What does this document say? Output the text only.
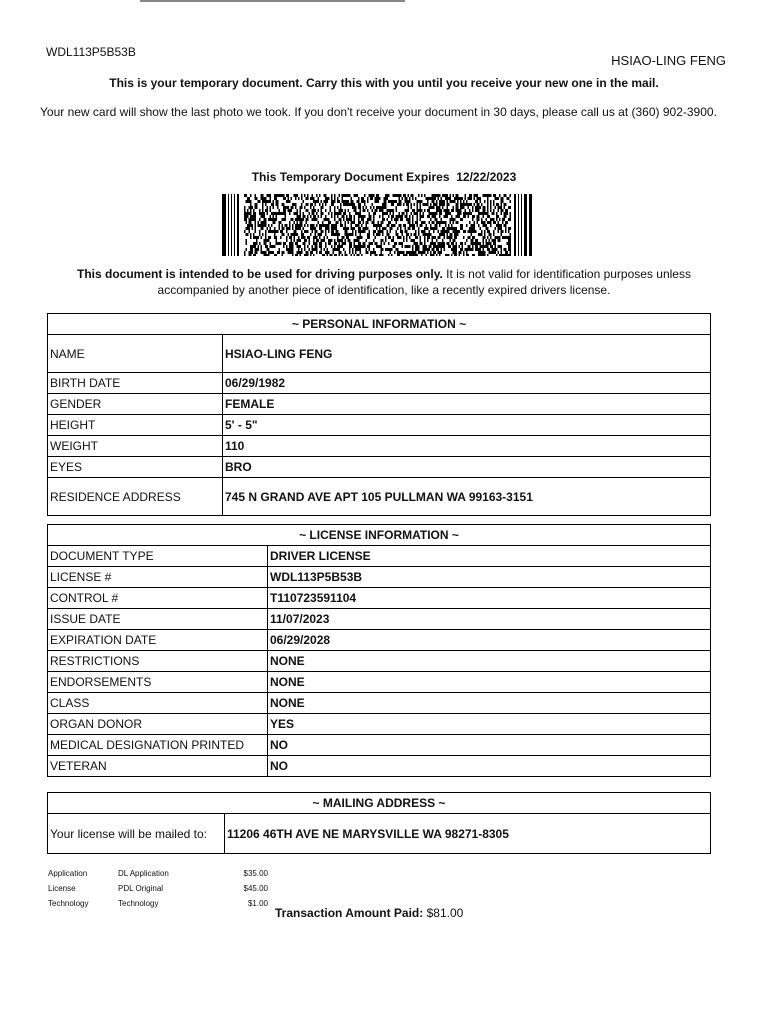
WDL113P5B53B
HSIAO-LING FENG
This is your temporary document. Carry this with you until you receive your new one in the mail.
Your new card will show the last photo we took. If you don't receive your document in 30 days, please call us at (360) 902-3900.
This Temporary Document Expires 12/22/2023
This document is intended to be used for driving purposes only. It is not valid for identification purposes unless accompanied by another piece of identification, like a recently expired drivers license.
~ PERSONAL INFORMATION ~	
NAME	HSIAO-LING FENG
BIRTH DATE	06/29/1982
GENDER	FEMALE
HEIGHT	5' - 5"
WEIGHT	110
EYES	BRO
RESIDENCE ADDRESS	745 N GRAND AVE APT 105 PULLMAN WA 99163-3151
~ LICENSE INFORMATION ~	
DOCUMENT TYPE	DRIVER LICENSE
LICENSE #	WDL113P5B53B
CONTROL #	T110723591104
ISSUE DATE	11/07/2023
EXPIRATION DATE	06/29/2028
RESTRICTIONS	NONE
ENDORSEMENTS	NONE
CLASS	NONE
ORGAN DONOR	YES
MEDICAL DESIGNATION PRINTED	NO
VETERAN	NO
~ MAILING ADDRESS ~
Your license will be mailed to:	11206 46TH AVE NE MARYSVILLE WA 98271-8305
Application	DL Application	$35.00
License	PDL Original	$45.00
Technology	Technology	$1.00
Transaction Amount Paid: $81.00
